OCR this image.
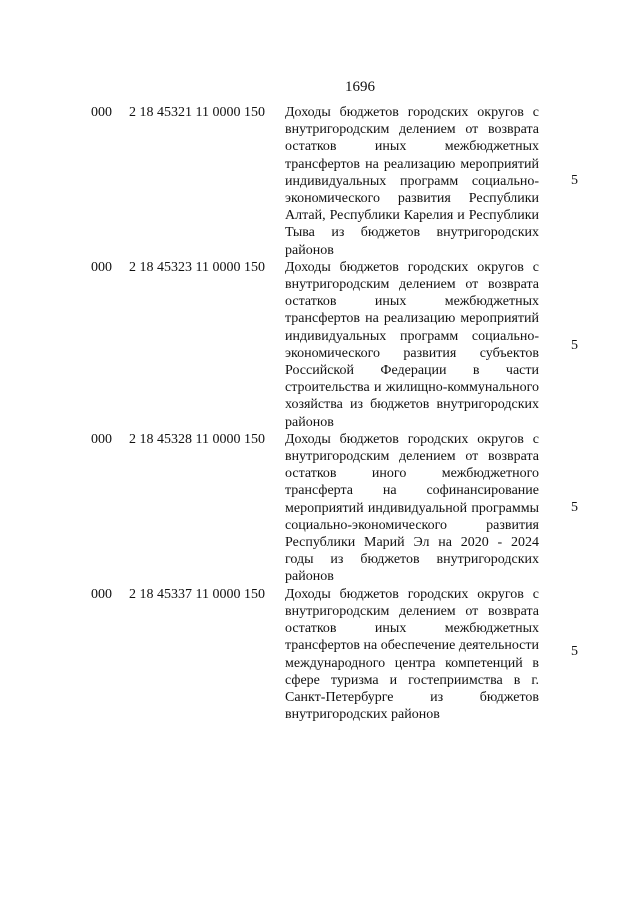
1696
000 2 18 45321 11 0000 150 Доходы бюджетов городских округов с внутригородским делением от возврата остатков иных межбюджетных трансфертов на реализацию мероприятий индивидуальных программ социально-экономического развития Республики Алтай, Республики Карелия и Республики Тыва из бюджетов внутригородских районов
5
000 2 18 45323 11 0000 150 Доходы бюджетов городских округов с внутригородским делением от возврата остатков иных межбюджетных трансфертов на реализацию мероприятий индивидуальных программ социально-экономического развития субъектов Российской Федерации в части строительства и жилищно-коммунального хозяйства из бюджетов внутригородских районов
5
000 2 18 45328 11 0000 150 Доходы бюджетов городских округов с внутригородским делением от возврата остатков иного межбюджетного трансферта на софинансирование мероприятий индивидуальной программы социально-экономического развития Республики Марий Эл на 2020 - 2024 годы из бюджетов внутригородских районов
5
000 2 18 45337 11 0000 150 Доходы бюджетов городских округов с внутригородским делением от возврата остатков иных межбюджетных трансфертов на обеспечение деятельности международного центра компетенций в сфере туризма и гостеприимства в г. Санкт-Петербурге из бюджетов внутригородских районов
5
